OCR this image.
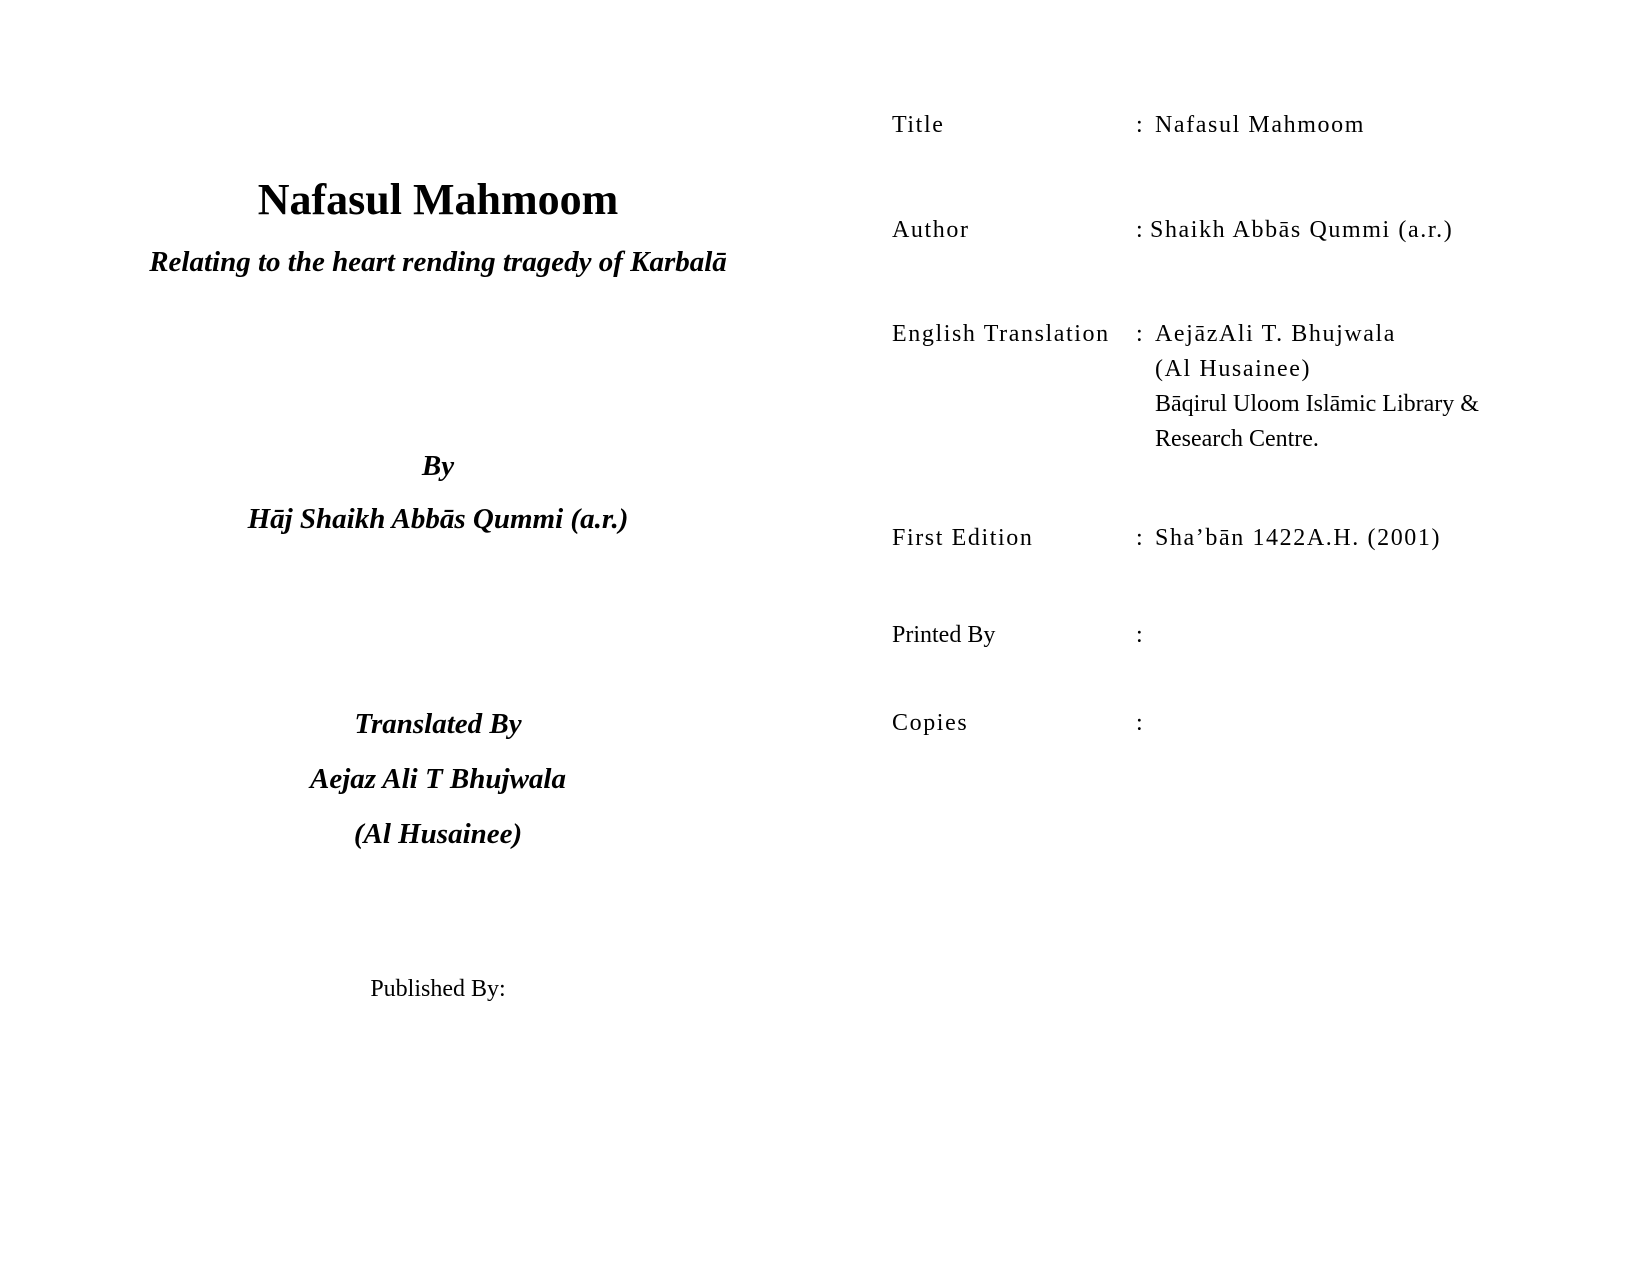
Nafasul Mahmoom
Relating to the heart rending tragedy of Karbalā
By
Hāj Shaikh Abbās Qummi (a.r.)
Translated By
Aejaz Ali T Bhujwala
(Al Husainee)
Published By:
Title	: Nafasul Mahmoom
Author	: Shaikh Abbās Qummi (a.r.)
English Translation : AejāzAli T. Bhujwala
(Al Husainee)
Bāqirul Uloom Islāmic Library &
Research Centre.
First Edition	: Sha’bān 1422A.H. (2001)
Printed By	:
Copies	:
